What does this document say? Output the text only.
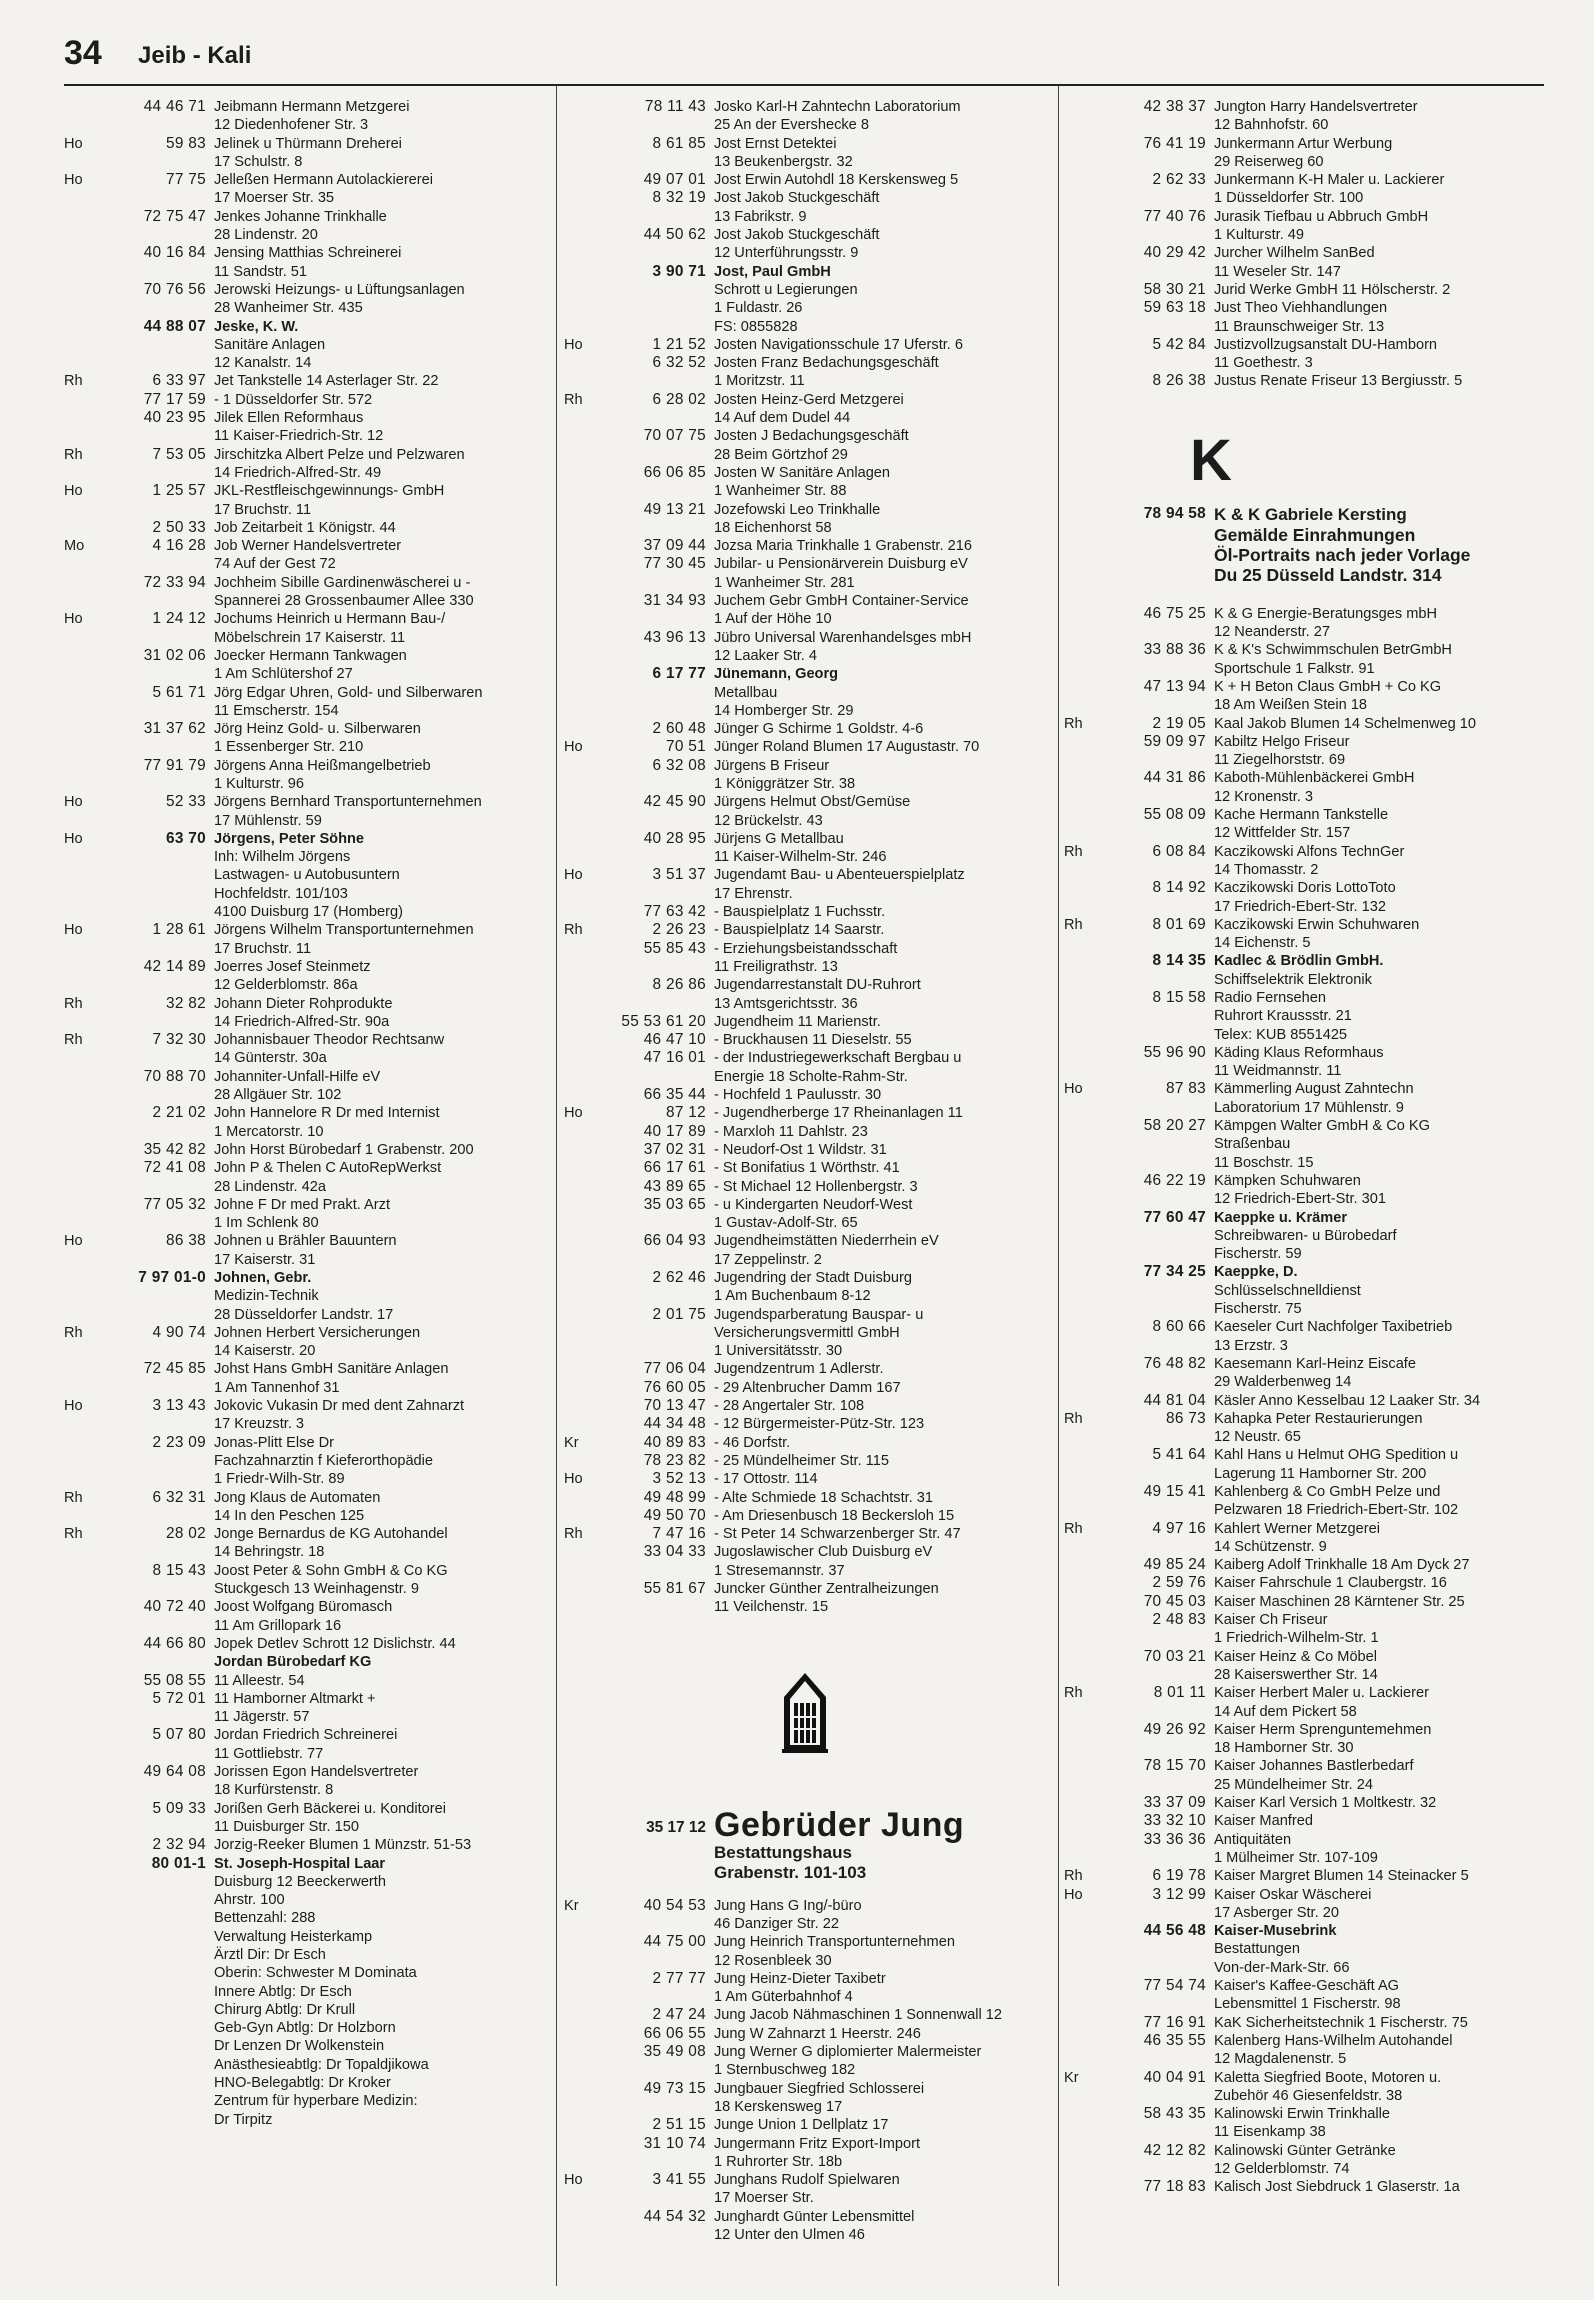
34 Jeib - Kali
44 46 71 Jeibmann Hermann Metzgerei
12 Diedenhofener Str. 3
Ho	59 83 Jelinek u Thürmann Dreherei
17 Schulstr. 8
Ho	77 75 Jelleßen Hermann Autolackiererei
17 Moerser Str. 35
72 75 47 Jenkes Johanne Trinkhalle
28 Lindenstr. 20
40 16 84 Jensing Matthias Schreinerei
11 Sandstr. 51
70 76 56 Jerowski Heizungs- u Lüftungsanlagen
28 Wanheimer Str. 435
44 88 07 Jeske, K. W.
Sanitäre Anlagen
12 Kanalstr. 14
Rh	6 33 97 Jet Tankstelle 14 Asterlager Str. 22
77 17 59 - 1 Düsseldorfer Str. 572
40 23 95 Jilek Ellen Reformhaus
11 Kaiser-Friedrich-Str. 12
Rh	7 53 05 Jirschitzka Albert Pelze und Pelzwaren
14 Friedrich-Alfred-Str. 49
Ho	1 25 57 JKL-Restfleischgewinnungs- GmbH
17 Bruchstr. 11
2 50 33 Job Zeitarbeit 1 Königstr. 44
Mo	4 16 28 Job Werner Handelsvertreter
74 Auf der Gest 72
72 33 94 Jochheim Sibille Gardinenwäscherei u -
Spannerei 28 Grossenbaumer Allee 330
Ho	1 24 12 Jochums Heinrich u Hermann Bau-/
Möbelschrein 17 Kaiserstr. 11
31 02 06 Joecker Hermann Tankwagen
1 Am Schlütershof 27
5 61 71 Jörg Edgar Uhren, Gold- und Silberwaren
11 Emscherstr. 154
31 37 62 Jörg Heinz Gold- u. Silberwaren
1 Essenberger Str. 210
77 91 79 Jörgens Anna Heißmangelbetrieb
1 Kulturstr. 96
Ho	52 33 Jörgens Bernhard Transportunternehmen
17 Mühlenstr. 59
Ho	63 70 Jörgens, Peter Söhne
Inh: Wilhelm Jörgens
Lastwagen- u Autobusuntern
Hochfeldstr. 101/103
4100 Duisburg 17 (Homberg)
Ho	1 28 61 Jörgens Wilhelm Transportunternehmen
17 Bruchstr. 11
42 14 89 Joerres Josef Steinmetz
12 Gelderblomstr. 86a
Rh	32 82 Johann Dieter Rohprodukte
14 Friedrich-Alfred-Str. 90a
Rh	7 32 30 Johannisbauer Theodor Rechtsanw
14 Günterstr. 30a
70 88 70 Johanniter-Unfall-Hilfe eV
28 Allgäuer Str. 102
2 21 02 John Hannelore R Dr med Internist
1 Mercatorstr. 10
35 42 82 John Horst Bürobedarf 1 Grabenstr. 200
72 41 08 John P & Thelen C AutoRepWerkst
28 Lindenstr. 42a
77 05 32 Johne F Dr med Prakt. Arzt
1 Im Schlenk 80
Ho	86 38 Johnen u Brähler Bauuntern
17 Kaiserstr. 31
7 97 01-0 Johnen, Gebr.
Medizin-Technik
28 Düsseldorfer Landstr. 17
Rh	4 90 74 Johnen Herbert Versicherungen
14 Kaiserstr. 20
72 45 85 Johst Hans GmbH Sanitäre Anlagen
1 Am Tannenhof 31
Ho	3 13 43 Jokovic Vukasin Dr med dent Zahnarzt
17 Kreuzstr. 3
2 23 09 Jonas-Plitt Else Dr
Fachzahnarztin f Kieferorthopädie
1 Friedr-Wilh-Str. 89
Rh	6 32 31 Jong Klaus de Automaten
14 In den Peschen 125
Rh	28 02 Jonge Bernardus de KG Autohandel
14 Behringstr. 18
8 15 43 Joost Peter & Sohn GmbH & Co KG
Stuckgesch 13 Weinhagenstr. 9
40 72 40 Joost Wolfgang Büromasch
11 Am Grillopark 16
44 66 80 Jopek Detlev Schrott 12 Dislichstr. 44
Jordan Bürobedarf KG
55 08 55 11 Alleestr. 54
5 72 01 11 Hamborner Altmarkt +
11 Jägerstr. 57
5 07 80 Jordan Friedrich Schreinerei
11 Gottliebstr. 77
49 64 08 Jorissen Egon Handelsvertreter
18 Kurfürstenstr. 8
5 09 33 Jorißen Gerh Bäckerei u. Konditorei
11 Duisburger Str. 150
2 32 94 Jorzig-Reeker Blumen 1 Münzstr. 51-53
80 01-1 St. Joseph-Hospital Laar
Duisburg 12 Beeckerwerth
Ahrstr. 100
Bettenzahl: 288
Verwaltung Heisterkamp
Ärztl Dir: Dr Esch
Oberin: Schwester M Dominata
Innere Abtlg: Dr Esch
Chirurg Abtlg: Dr Krull
Geb-Gyn Abtlg: Dr Holzborn
Dr Lenzen Dr Wolkenstein
Anästhesieabtlg: Dr Topaldjikowa
HNO-Belegabtlg: Dr Kroker
Zentrum für hyperbare Medizin:
Dr Tirpitz
78 11 43 Josko Karl-H Zahntechn Laboratorium
25 An der Evershecke 8
8 61 85 Jost Ernst Detektei
13 Beukenbergstr. 32
49 07 01 Jost Erwin Autohdl 18 Kerskensweg 5
8 32 19 Jost Jakob Stuckgeschäft
13 Fabrikstr. 9
44 50 62 Jost Jakob Stuckgeschäft
12 Unterführungsstr. 9
3 90 71 Jost, Paul GmbH
Schrott u Legierungen
1 Fuldastr. 26
FS: 0855828
Ho	1 21 52 Josten Navigationsschule 17 Uferstr. 6
6 32 52 Josten Franz Bedachungsgeschäft
1 Moritzstr. 11
Rh	6 28 02 Josten Heinz-Gerd Metzgerei
14 Auf dem Dudel 44
70 07 75 Josten J Bedachungsgeschäft
28 Beim Görtzhof 29
66 06 85 Josten W Sanitäre Anlagen
1 Wanheimer Str. 88
49 13 21 Jozefowski Leo Trinkhalle
18 Eichenhorst 58
37 09 44 Jozsa Maria Trinkhalle 1 Grabenstr. 216
77 30 45 Jubilar- u Pensionärverein Duisburg eV
1 Wanheimer Str. 281
31 34 93 Juchem Gebr GmbH Container-Service
1 Auf der Höhe 10
43 96 13 Jübro Universal Warenhandelsges mbH
12 Laaker Str. 4
6 17 77 Jünemann, Georg
Metallbau
14 Homberger Str. 29
2 60 48 Jünger G Schirme 1 Goldstr. 4-6
Ho	70 51 Jünger Roland Blumen 17 Augustastr. 70
6 32 08 Jürgens B Friseur
1 Königgrätzer Str. 38
42 45 90 Jürgens Helmut Obst/Gemüse
12 Brückelstr. 43
40 28 95 Jürjens G Metallbau
11 Kaiser-Wilhelm-Str. 246
Ho	3 51 37 Jugendamt Bau- u Abenteuerspielplatz
17 Ehrenstr.
77 63 42 - Bauspielplatz 1 Fuchsstr.
Rh	2 26 23 - Bauspielplatz 14 Saarstr.
55 85 43 - Erziehungsbeistandsschaft
11 Freiligrathstr. 13
8 26 86 Jugendarrestanstalt DU-Ruhrort
13 Amtsgerichtsstr. 36
55 53 61 20 Jugendheim 11 Marienstr.
46 47 10 - Bruckhausen 11 Dieselstr. 55
47 16 01 - der Industriegewerkschaft Bergbau u
Energie 18 Scholte-Rahm-Str.
66 35 44 - Hochfeld 1 Paulusstr. 30
Ho	87 12 - Jugendherberge 17 Rheinanlagen 11
40 17 89 - Marxloh 11 Dahlstr. 23
37 02 31 - Neudorf-Ost 1 Wildstr. 31
66 17 61 - St Bonifatius 1 Wörthstr. 41
43 89 65 - St Michael 12 Hollenbergstr. 3
35 03 65 - u Kindergarten Neudorf-West
1 Gustav-Adolf-Str. 65
66 04 93 Jugendheimstätten Niederrhein eV
17 Zeppelinstr. 2
2 62 46 Jugendring der Stadt Duisburg
1 Am Buchenbaum 8-12
2 01 75 Jugendsparberatung Bauspar- u
Versicherungsvermittl GmbH
1 Universitätsstr. 30
77 06 04 Jugendzentrum 1 Adlerstr.
76 60 05 - 29 Altenbrucher Damm 167
70 13 47 - 28 Angertaler Str. 108
44 34 48 - 12 Bürgermeister-Pütz-Str. 123
Kr	40 89 83 - 46 Dorfstr.
78 23 82 - 25 Mündelheimer Str. 115
Ho	3 52 13 - 17 Ottostr. 114
49 48 99 - Alte Schmiede 18 Schachtstr. 31
49 50 70 - Am Driesenbusch 18 Beckersloh 15
Rh	7 47 16 - St Peter 14 Schwarzenberger Str. 47
33 04 33 Jugoslawischer Club Duisburg eV
1 Stresemannstr. 37
55 81 67 Juncker Günther Zentralheizungen
11 Veilchenstr. 15
35 17 12 Gebrüder Jung
Bestattungshaus
Grabenstr. 101-103
Kr	40 54 53 Jung Hans G Ing/-büro
46 Danziger Str. 22
44 75 00 Jung Heinrich Transportunternehmen
12 Rosenbleek 30
2 77 77 Jung Heinz-Dieter Taxibetr
1 Am Güterbahnhof 4
2 47 24 Jung Jacob Nähmaschinen 1 Sonnenwall 12
66 06 55 Jung W Zahnarzt 1 Heerstr. 246
35 49 08 Jung Werner G diplomierter Malermeister
1 Sternbuschweg 182
49 73 15 Jungbauer Siegfried Schlosserei
18 Kerskensweg 17
2 51 15 Junge Union 1 Dellplatz 17
31 10 74 Jungermann Fritz Export-Import
1 Ruhrorter Str. 18b
Ho	3 41 55 Junghans Rudolf Spielwaren
17 Moerser Str.
44 54 32 Junghardt Günter Lebensmittel
12 Unter den Ulmen 46
42 38 37 Jungton Harry Handelsvertreter
12 Bahnhofstr. 60
76 41 19 Junkermann Artur Werbung
29 Reiserweg 60
2 62 33 Junkermann K-H Maler u. Lackierer
1 Düsseldorfer Str. 100
77 40 76 Jurasik Tiefbau u Abbruch GmbH
1 Kulturstr. 49
40 29 42 Jurcher Wilhelm SanBed
11 Weseler Str. 147
58 30 21 Jurid Werke GmbH 11 Hölscherstr. 2
59 63 18 Just Theo Viehhandlungen
11 Braunschweiger Str. 13
5 42 84 Justizvollzugsanstalt DU-Hamborn
11 Goethestr. 3
8 26 38 Justus Renate Friseur 13 Bergiusstr. 5
K
78 94 58 K & K Gabriele Kersting
Gemälde Einrahmungen
Öl-Portraits nach jeder Vorlage
Du 25 Düsseld Landstr. 314
46 75 25 K & G Energie-Beratungsges mbH
12 Neanderstr. 27
33 88 36 K & K's Schwimmschulen BetrGmbH
Sportschule 1 Falkstr. 91
47 13 94 K + H Beton Claus GmbH + Co KG
18 Am Weißen Stein 18
Rh	2 19 05 Kaal Jakob Blumen 14 Schelmenweg 10
59 09 97 Kabiltz Helgo Friseur
11 Ziegelhorststr. 69
44 31 86 Kaboth-Mühlenbäckerei GmbH
12 Kronenstr. 3
55 08 09 Kache Hermann Tankstelle
12 Wittfelder Str. 157
Rh	6 08 84 Kaczikowski Alfons TechnGer
14 Thomasstr. 2
8 14 92 Kaczikowski Doris LottoToto
17 Friedrich-Ebert-Str. 132
Rh	8 01 69 Kaczikowski Erwin Schuhwaren
14 Eichenstr. 5
8 14 35 Kadlec & Brödlin GmbH.
Schiffselektrik Elektronik
8 15 58 Radio Fernsehen
Ruhrort Kraussstr. 21
Telex: KUB 8551425
55 96 90 Käding Klaus Reformhaus
11 Weidmannstr. 11
Ho	87 83 Kämmerling August Zahntechn
Laboratorium 17 Mühlenstr. 9
58 20 27 Kämpgen Walter GmbH & Co KG
Straßenbau
11 Boschstr. 15
46 22 19 Kämpken Schuhwaren
12 Friedrich-Ebert-Str. 301
77 60 47 Kaeppke u. Krämer
Schreibwaren- u Bürobedarf
Fischerstr. 59
77 34 25 Kaeppke, D.
Schlüsselschnelldienst
Fischerstr. 75
8 60 66 Kaeseler Curt Nachfolger Taxibetrieb
13 Erzstr. 3
76 48 82 Kaesemann Karl-Heinz Eiscafe
29 Walderbenweg 14
44 81 04 Käsler Anno Kesselbau 12 Laaker Str. 34
Rh	86 73 Kahapka Peter Restaurierungen
12 Neustr. 65
5 41 64 Kahl Hans u Helmut OHG Spedition u
Lagerung 11 Hamborner Str. 200
49 15 41 Kahlenberg & Co GmbH Pelze und
Pelzwaren 18 Friedrich-Ebert-Str. 102
Rh	4 97 16 Kahlert Werner Metzgerei
14 Schützenstr. 9
49 85 24 Kaiberg Adolf Trinkhalle 18 Am Dyck 27
2 59 76 Kaiser Fahrschule 1 Claubergstr. 16
70 45 03 Kaiser Maschinen 28 Kärntener Str. 25
2 48 83 Kaiser Ch Friseur
1 Friedrich-Wilhelm-Str. 1
70 03 21 Kaiser Heinz & Co Möbel
28 Kaiserswerther Str. 14
Rh	8 01 11 Kaiser Herbert Maler u. Lackierer
14 Auf dem Pickert 58
49 26 92 Kaiser Herm Sprenguntemehmen
18 Hamborner Str. 30
78 15 70 Kaiser Johannes Bastlerbedarf
25 Mündelheimer Str. 24
33 37 09 Kaiser Karl Versich 1 Moltkestr. 32
33 32 10 Kaiser Manfred
33 36 36 Antiquitäten
1 Mülheimer Str. 107-109
Rh	6 19 78 Kaiser Margret Blumen 14 Steinacker 5
Ho	3 12 99 Kaiser Oskar Wäscherei
17 Asberger Str. 20
44 56 48 Kaiser-Musebrink
Bestattungen
Von-der-Mark-Str. 66
77 54 74 Kaiser's Kaffee-Geschäft AG
Lebensmittel 1 Fischerstr. 98
77 16 91 KaK Sicherheitstechnik 1 Fischerstr. 75
46 35 55 Kalenberg Hans-Wilhelm Autohandel
12 Magdalenenstr. 5
Kr	40 04 91 Kaletta Siegfried Boote, Motoren u.
Zubehör 46 Giesenfeldstr. 38
58 43 35 Kalinowski Erwin Trinkhalle
11 Eisenkamp 38
42 12 82 Kalinowski Günter Getränke
12 Gelderblomstr. 74
77 18 83 Kalisch Jost Siebdruck 1 Glaserstr. 1a
